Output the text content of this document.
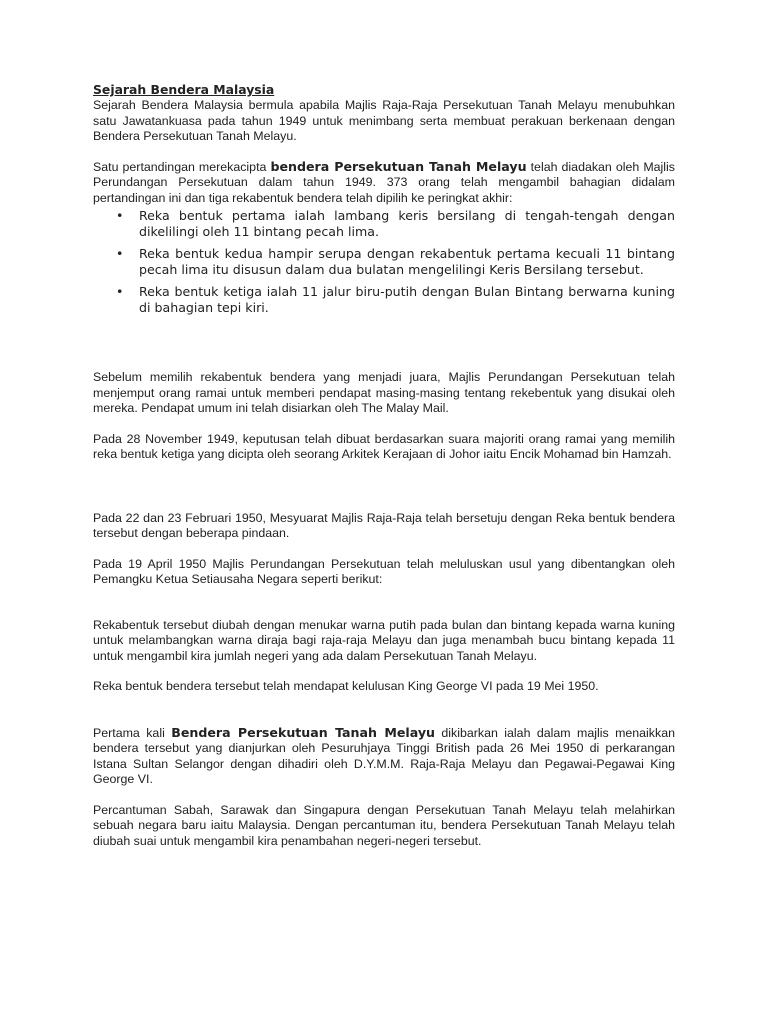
Sejarah Bendera Malaysia

Sejarah Bendera Malaysia bermula apabila Majlis Raja-Raja Persekutuan Tanah Melayu menubuhkan satu Jawatankuasa pada tahun 1949 untuk menimbang serta membuat perakuan berkenaan dengan Bendera Persekutuan Tanah Melayu.

Satu pertandingan merekacipta bendera Persekutuan Tanah Melayu telah diadakan oleh Majlis Perundangan Persekutuan dalam tahun 1949. 373 orang telah mengambil bahagian didalam pertandingan ini dan tiga rekabentuk bendera telah dipilih ke peringkat akhir:

• Reka bentuk pertama ialah lambang keris bersilang di tengah-tengah dengan dikelilingi oleh 11 bintang pecah lima.
• Reka bentuk kedua hampir serupa dengan rekabentuk pertama kecuali 11 bintang pecah lima itu disusun dalam dua bulatan mengelilingi Keris Bersilang tersebut.
• Reka bentuk ketiga ialah 11 jalur biru-putih dengan Bulan Bintang berwarna kuning di bahagian tepi kiri.

Sebelum memilih rekabentuk bendera yang menjadi juara, Majlis Perundangan Persekutuan telah menjemput orang ramai untuk memberi pendapat masing-masing tentang rekebentuk yang disukai oleh mereka. Pendapat umum ini telah disiarkan oleh The Malay Mail.

Pada 28 November 1949, keputusan telah dibuat berdasarkan suara majoriti orang ramai yang memilih reka bentuk ketiga yang dicipta oleh seorang Arkitek Kerajaan di Johor iaitu Encik Mohamad bin Hamzah.

Pada 22 dan 23 Februari 1950, Mesyuarat Majlis Raja-Raja telah bersetuju dengan Reka bentuk bendera tersebut dengan beberapa pindaan.

Pada 19 April 1950 Majlis Perundangan Persekutuan telah meluluskan usul yang dibentangkan oleh Pemangku Ketua Setiausaha Negara seperti berikut:

Rekabentuk tersebut diubah dengan menukar warna putih pada bulan dan bintang kepada warna kuning untuk melambangkan warna diraja bagi raja-raja Melayu dan juga menambah bucu bintang kepada 11 untuk mengambil kira jumlah negeri yang ada dalam Persekutuan Tanah Melayu.

Reka bentuk bendera tersebut telah mendapat kelulusan King George VI pada 19 Mei 1950.

Pertama kali Bendera Persekutuan Tanah Melayu dikibarkan ialah dalam majlis menaikkan bendera tersebut yang dianjurkan oleh Pesuruhjaya Tinggi British pada 26 Mei 1950 di perkarangan Istana Sultan Selangor dengan dihadiri oleh D.Y.M.M. Raja-Raja Melayu dan Pegawai-Pegawai King George VI.

Percantuman Sabah, Sarawak dan Singapura dengan Persekutuan Tanah Melayu telah melahirkan sebuah negara baru iaitu Malaysia. Dengan percantuman itu, bendera Persekutuan Tanah Melayu telah diubah suai untuk mengambil kira penambahan negeri-negeri tersebut.
